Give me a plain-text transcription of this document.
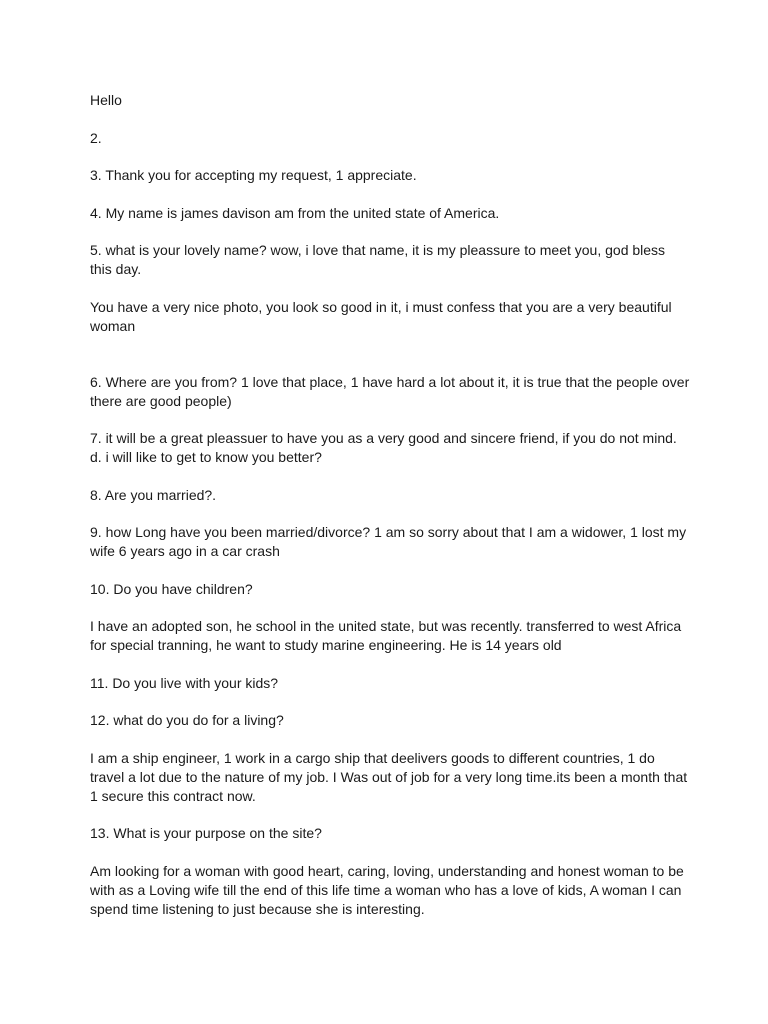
Hello

2.

3. Thank you for accepting my request, 1 appreciate.

4. My name is james davison am from the united state of America.

5. what is your lovely name? wow, i love that name, it is my pleassure to meet you, god bless this day.

You have a very nice photo, you look so good in it, i must confess that you are a very beautiful woman

6. Where are you from? 1 love that place, 1 have hard a lot about it, it is true that the people over there are good people)

7. it will be a great pleassuer to have you as a very good and sincere friend, if you do not mind. d. i will like to get to know you better?

8. Are you married?.

9. how Long have you been married/divorce? 1 am so sorry about that I am a widower, 1 lost my wife 6 years ago in a car crash

10. Do you have children?

I have an adopted son, he school in the united state, but was recently. transferred to west Africa for special tranning, he want to study marine engineering. He is 14 years old

11. Do you live with your kids?

12. what do you do for a living?

I am a ship engineer, 1 work in a cargo ship that deelivers goods to different countries, 1 do travel a lot due to the nature of my job. I Was out of job for a very long time.its been a month that 1 secure this contract now.

13. What is your purpose on the site?

Am looking for a woman with good heart, caring, loving, understanding and honest woman to be with as a Loving wife till the end of this life time a woman who has a love of kids, A woman I can spend time listening to just because she is interesting.
